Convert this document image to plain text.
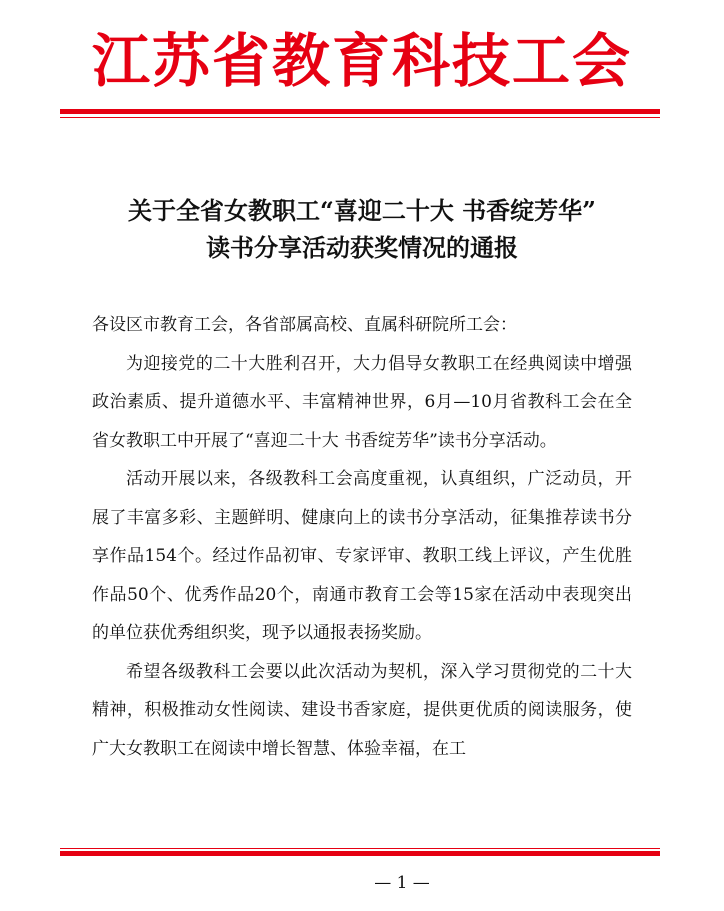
江苏省教育科技工会
关于全省女教职工“喜迎二十大 书香绽芳华”
读书分享活动获奖情况的通报

各设区市教育工会，各省部属高校、直属科研院所工会：

为迎接党的二十大胜利召开，大力倡导女教职工在经典阅读中增强政治素质、提升道德水平、丰富精神世界，6月—10月省教科工会在全省女教职工中开展了“喜迎二十大 书香绽芳华”读书分享活动。

活动开展以来，各级教科工会高度重视，认真组织，广泛动员，开展了丰富多彩、主题鲜明、健康向上的读书分享活动，征集推荐读书分享作品154个。经过作品初审、专家评审、教职工线上评议，产生优胜作品50个、优秀作品20个，南通市教育工会等15家在活动中表现突出的单位获优秀组织奖，现予以通报表扬奖励。

希望各级教科工会要以此次活动为契机，深入学习贯彻党的二十大精神，积极推动女性阅读、建设书香家庭，提供更优质的阅读服务，使广大女教职工在阅读中增长智慧、体验幸福，在工

— 1 —
